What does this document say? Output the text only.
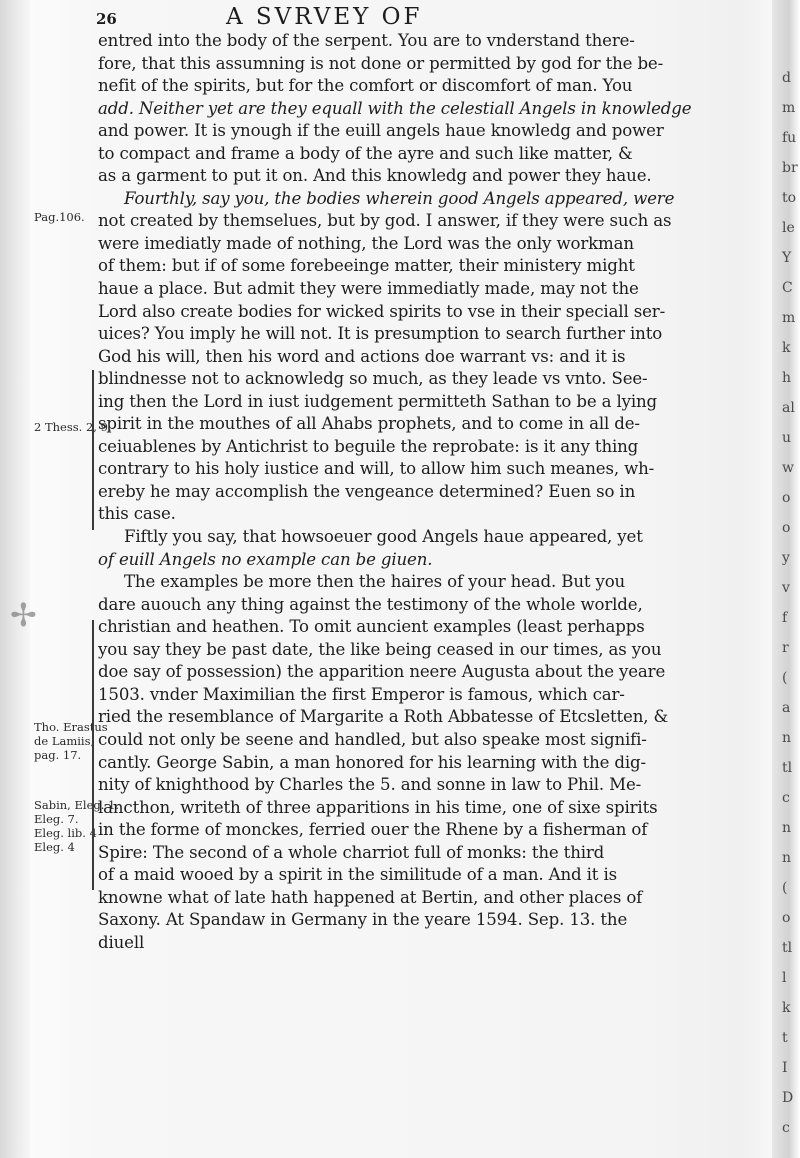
26	A SVRVEY OF
entred into the body of the serpent. You are to vnderstand there-
fore, that this assumning is not done or permitted by god for the be-
nefit of the spirits, but for the comfort or discomfort of man. You
add. Neither yet are they equall with the celestiall Angels in knowledge
and power. It is ynough if the euill angels haue knowledg and power
to compact and frame a body of the ayre and such like matter, &
as a garment to put it on. And this knowledg and power they haue.
Fourthly, say you, the bodies wherein good Angels appeared, were
not created by themselues, but by god. I answer, if they were such as
were imediatly made of nothing, the Lord was the only workman
of them: but if of some forebeeinge matter, their ministery might
haue a place. But admit they were immediatly made, may not the
Lord also create bodies for wicked spirits to vse in their speciall ser-
uices? You imply he will not. It is presumption to search further into
God his will, then his word and actions doe warrant vs: and it is
blindnesse not to acknowledg so much, as they leade vs vnto. See-
ing then the Lord in iust iudgement permitteth Sathan to be a lying
spirit in the mouthes of all Ahabs prophets, and to come in all de-
ceiuablenes by Antichrist to beguile the reprobate: is it any thing
contrary to his holy iustice and will, to allow him such meanes, wh-
ereby he may accomplish the vengeance determined? Euen so in
this case.
Fiftly you say, that howsoeuer good Angels haue appeared, yet
of euill Angels no example can be giuen.
The examples be more then the haires of your head. But you
dare auouch any thing against the testimony of the whole worlde,
christian and heathen. To omit auncient examples (least perhapps
you say they be past date, the like being ceased in our times, as you
doe say of possession) the apparition neere Augusta about the yeare
1503. vnder Maximilian the first Emperor is famous, which car-
ried the resemblance of Margarite a Roth Abbatesse of Etcsletten, &
could not only be seene and handled, but also speake most signifi-
cantly. George Sabin, a man honored for his learning with the dig-
nity of knighthood by Charles the 5. and sonne in law to Phil. Me-
lancthon, writeth of three apparitions in his time, one of sixe spirits
in the forme of monckes, ferried ouer the Rhene by a fisherman of
Spire: The second of a whole charriot full of monks: the third
of a maid wooed by a spirit in the similitude of a man. And it is
knowne what of late hath happened at Bertin, and other places of
Saxony. At Spandaw in Germany in the yeare 1594. Sep. 13. the
diuell
Pag.106.
2 Thess. 2, 9.
Tho. Erastus
de Lamiis,
pag. 17.
Sabin, Eleg. 1.
Eleg. 7.
Eleg. lib. 4
Eleg. 4
✢
d
m
fu
br
to
le
Y
C
m
k
h
al
u
w
o
o
y
v
f
r
(
a
n
tl
c
n
n
(
o
tl
l
k
t
I
D
c
